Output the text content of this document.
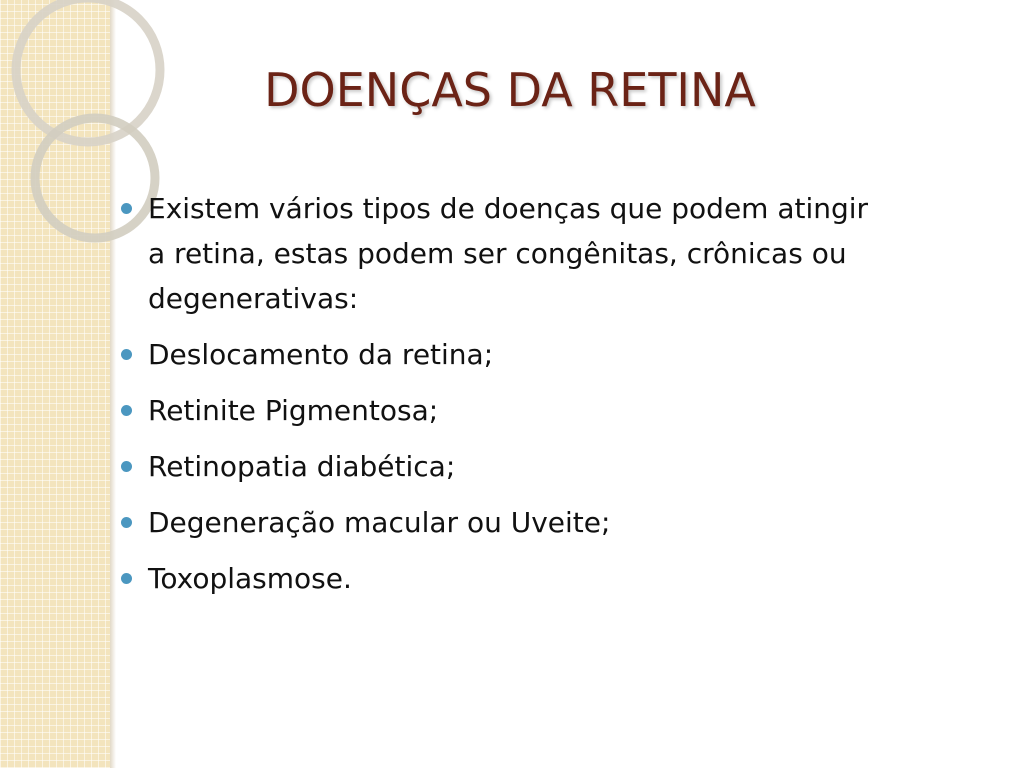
DOENÇAS DA RETINA
Existem vários tipos de doenças que podem atingir a retina, estas podem ser congênitas, crônicas ou degenerativas:
Deslocamento da retina;
Retinite Pigmentosa;
Retinopatia diabética;
Degeneração macular ou Uveite;
Toxoplasmose.
